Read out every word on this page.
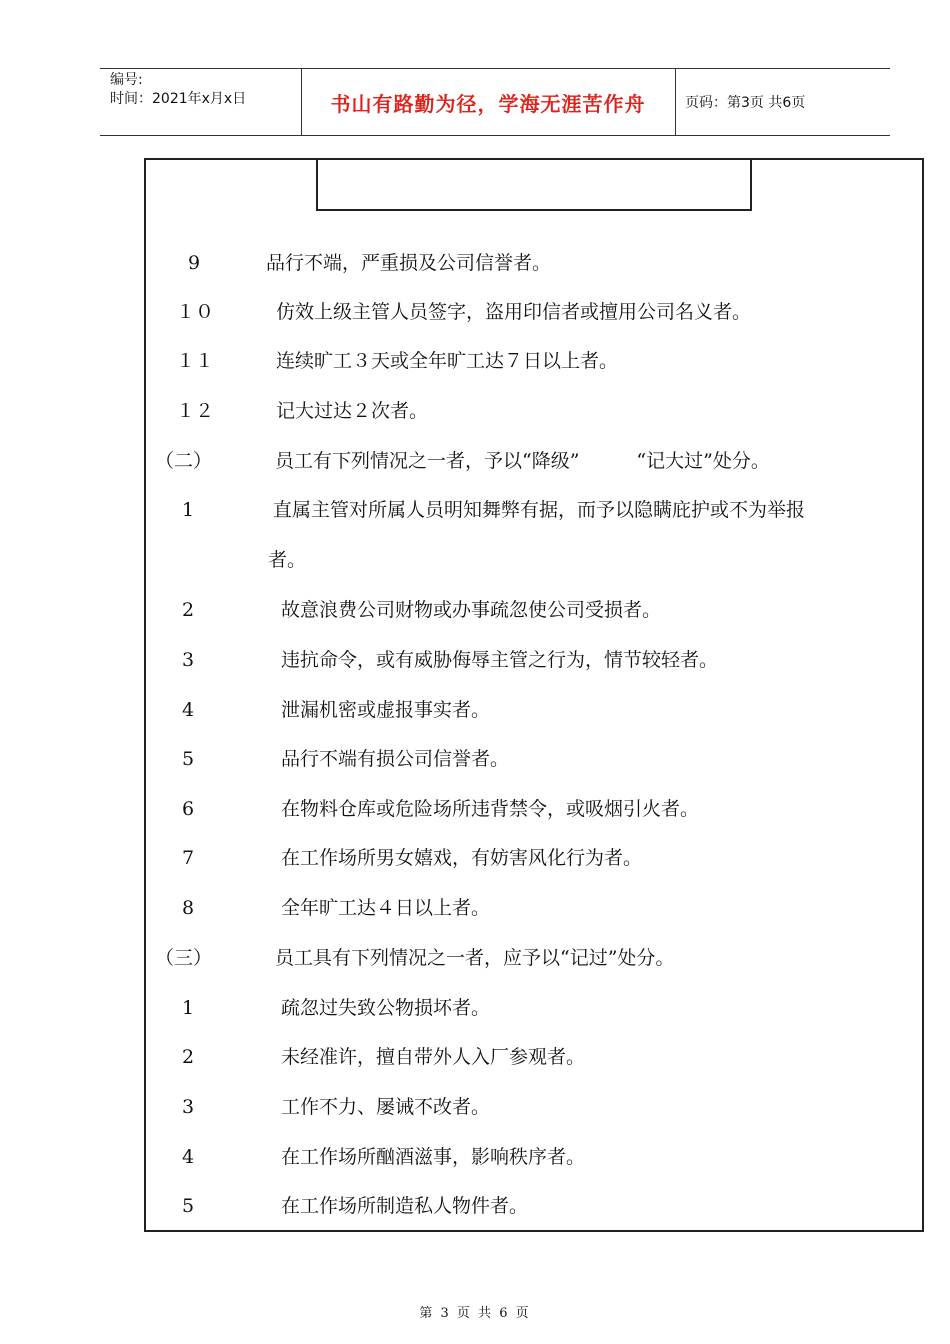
编号:
时间：2021年x月x日	书山有路勤为径，学海无涯苦作舟	页码：第3页 共6页
9	品行不端，严重损及公司信誉者。
１０	仿效上级主管人员签字，盗用印信者或擅用公司名义者。
１１	连续旷工３天或全年旷工达７日以上者。
１２	记大过达２次者。
（二）	员工有下列情况之一者，予以“降级”　　　“记大过”处分。
1	直属主管对所属人员明知舞弊有据，而予以隐瞒庇护或不为举报
者。
2	故意浪费公司财物或办事疏忽使公司受损者。
3	违抗命令，或有威胁侮辱主管之行为，情节较轻者。
4	泄漏机密或虚报事实者。
5	品行不端有损公司信誉者。
6	在物料仓库或危险场所违背禁令，或吸烟引火者。
7	在工作场所男女嬉戏，有妨害风化行为者。
8	全年旷工达４日以上者。
（三）	员工具有下列情况之一者，应予以“记过”处分。
1	疏忽过失致公物损坏者。
2	未经准许，擅自带外人入厂参观者。
3	工作不力、屡诫不改者。
4	在工作场所酗酒滋事，影响秩序者。
5	在工作场所制造私人物件者。
第 3 页 共 6 页
